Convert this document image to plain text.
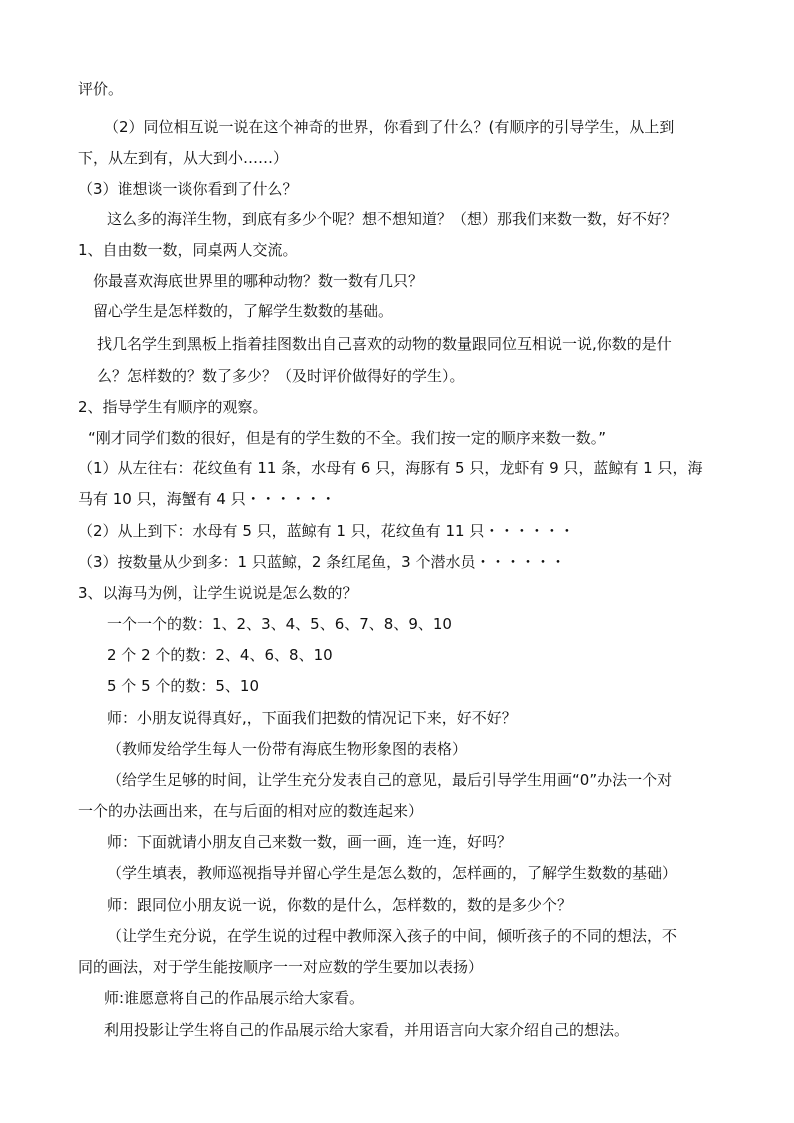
评价。
（2）同位相互说一说在这个神奇的世界，你看到了什么？(有顺序的引导学生，从上到
下，从左到有，从大到小……）
（3）谁想谈一谈你看到了什么？
这么多的海洋生物，到底有多少个呢？想不想知道？（想）那我们来数一数，好不好？
1、自由数一数，同桌两人交流。
你最喜欢海底世界里的哪种动物？数一数有几只？
留心学生是怎样数的，了解学生数数的基础。
找几名学生到黑板上指着挂图数出自己喜欢的动物的数量跟同位互相说一说,你数的是什
么？怎样数的？数了多少？（及时评价做得好的学生）。
2、指导学生有顺序的观察。
“刚才同学们数的很好，但是有的学生数的不全。我们按一定的顺序来数一数。”
（1）从左往右：花纹鱼有 11 条，水母有 6 只，海豚有 5 只，龙虾有 9 只，蓝鲸有 1 只，海
马有 10 只，海蟹有 4 只・・・・・・
（2）从上到下：水母有 5 只，蓝鲸有 1 只，花纹鱼有 11 只・・・・・・
（3）按数量从少到多：1 只蓝鲸，2 条红尾鱼，3 个潜水员・・・・・・
3、以海马为例，让学生说说是怎么数的？
一个一个的数：1、2、3、4、5、6、7、8、9、10
2 个 2 个的数：2、4、6、8、10
5 个 5 个的数：5、10
师：小朋友说得真好,，下面我们把数的情况记下来，好不好？
（教师发给学生每人一份带有海底生物形象图的表格）
（给学生足够的时间，让学生充分发表自己的意见，最后引导学生用画“0”办法一个对
一个的办法画出来，在与后面的相对应的数连起来）
师：下面就请小朋友自己来数一数，画一画，连一连，好吗？
（学生填表，教师巡视指导并留心学生是怎么数的，怎样画的，了解学生数数的基础）
师：跟同位小朋友说一说，你数的是什么，怎样数的，数的是多少个？
（让学生充分说，在学生说的过程中教师深入孩子的中间，倾听孩子的不同的想法，不
同的画法，对于学生能按顺序一一对应数的学生要加以表扬）
师:谁愿意将自己的作品展示给大家看。
利用投影让学生将自己的作品展示给大家看，并用语言向大家介绍自己的想法。
